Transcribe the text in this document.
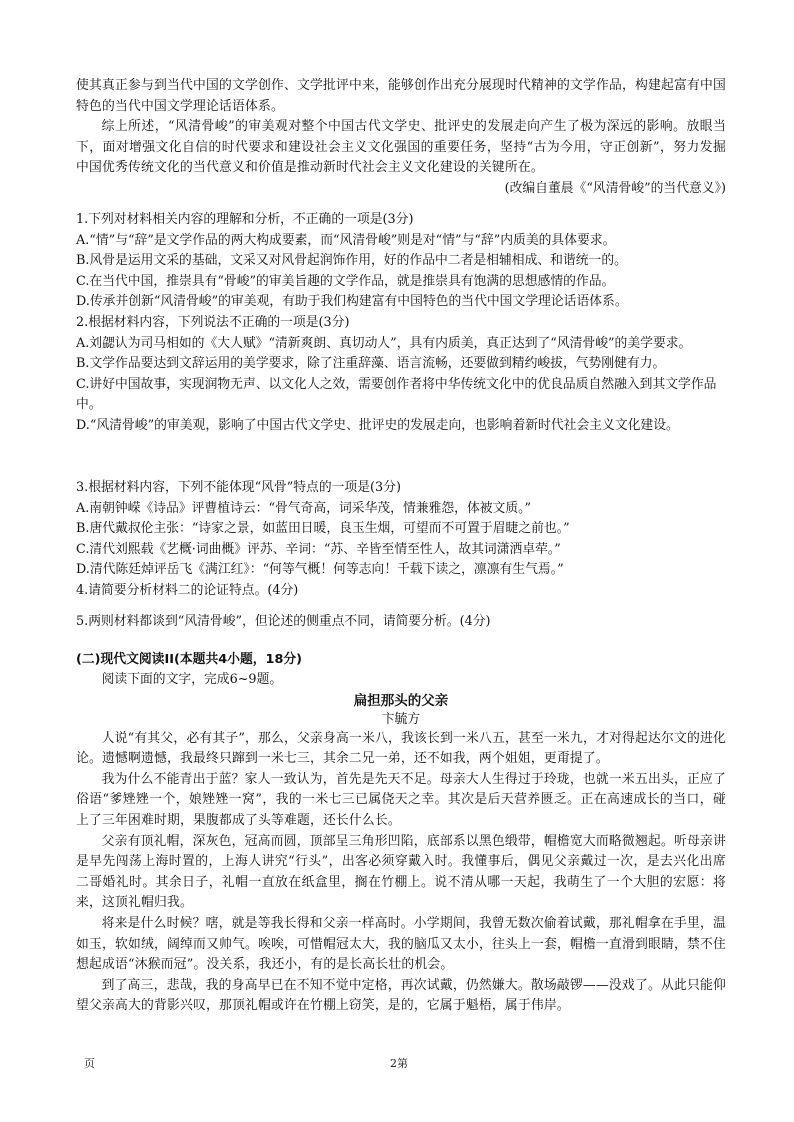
使其真正参与到当代中国的文学创作、文学批评中来，能够创作出充分展现时代精神的文学作品，构建起富有中国特色的当代中国文学理论话语体系。

综上所述，“风清骨峻”的审美观对整个中国古代文学史、批评史的发展走向产生了极为深远的影响。放眼当下，面对增强文化自信的时代要求和建设社会主义文化强国的重要任务，坚持“古为今用，守正创新”，努力发掘中国优秀传统文化的当代意义和价值是推动新时代社会主义文化建设的关键所在。

(改编自董晨《“风清骨峻”的当代意义》)

1.下列对材料相关内容的理解和分析，不正确的一项是(3分)

A.“情”与“辞”是文学作品的两大构成要素，而“风清骨峻”则是对“情”与“辞”内质美的具体要求。

B.风骨是运用文采的基础，文采又对风骨起润饰作用，好的作品中二者是相辅相成、和谐统一的。

C.在当代中国，推崇具有“骨峻”的审美旨趣的文学作品，就是推崇具有饱满的思想感情的作品。

D.传承并创新“风清骨峻”的审美观，有助于我们构建富有中国特色的当代中国文学理论话语体系。

2.根据材料内容，下列说法不正确的一项是(3分)

A.刘勰认为司马相如的《大人赋》“清新爽朗、真切动人”，具有内质美，真正达到了“风清骨峻”的美学要求。

B.文学作品要达到文辞运用的美学要求，除了注重辞藻、语言流畅，还要做到精约峻拔，气势刚健有力。

C.讲好中国故事，实现润物无声、以文化人之效，需要创作者将中华传统文化中的优良品质自然融入到其文学作品中。

D.“风清骨峻”的审美观，影响了中国古代文学史、批评史的发展走向，也影响着新时代社会主义文化建设。

3.根据材料内容，下列不能体现“风骨”特点的一项是(3分)

A.南朝钟嵘《诗品》评曹植诗云：“骨气奇高，词采华茂，情兼雅怨，体被文质。”

B.唐代戴叔伦主张：“诗家之景，如蓝田日暖，良玉生烟，可望而不可置于眉睫之前也。”

C.清代刘熙载《艺概·词曲概》评苏、辛词：“苏、辛皆至情至性人，故其词潇洒卓荦。”

D.清代陈廷焯评岳飞《满江红》：“何等气概！何等志向！千载下读之，凛凛有生气焉。”

4.请简要分析材料二的论证特点。(4分)

5.两则材料都谈到“风清骨峻”，但论述的侧重点不同，请简要分析。(4分)

(二)现代文阅读II(本题共4小题，18分)

阅读下面的文字，完成6~9题。

扁担那头的父亲

卞毓方

人说“有其父，必有其子”，那么，父亲身高一米八，我该长到一米八五，甚至一米九，才对得起达尔文的进化论。遗憾啊遗憾，我最终只蹿到一米七三，其余二兄一弟，还不如我，两个姐姐，更甭提了。

我为什么不能青出于蓝？家人一致认为，首先是先天不足。母亲大人生得过于玲珑，也就一米五出头，正应了俗语“爹矬矬一个，娘矬矬一窝”，我的一米七三已属侥天之幸。其次是后天营养匮乏。正在高速成长的当口，碰上了三年困难时期，果腹都成了头等难题，还长什么长。

父亲有顶礼帽，深灰色，冠高而圆，顶部呈三角形凹陷，底部系以黑色缎带，帽檐宽大而略微翘起。听母亲讲是早先闯荡上海时置的，上海人讲究“行头”，出客必须穿戴入时。我懂事后，偶见父亲戴过一次，是去兴化出席二哥婚礼时。其余日子，礼帽一直放在纸盒里，搁在竹棚上。说不清从哪一天起，我萌生了一个大胆的宏愿：将来，这顶礼帽归我。

将来是什么时候？嗐，就是等我长得和父亲一样高时。小学期间，我曾无数次偷着试戴，那礼帽拿在手里，温如玉，软如绒，阔绰而又帅气。唉唉，可惜帽冠太大，我的脑瓜又太小，往头上一套，帽檐一直滑到眼睛，禁不住想起成语“沐猴而冠”。没关系，我还小，有的是长高长壮的机会。

到了高三，悲哉，我的身高早已在不知不觉中定格，再次试戴，仍然嫌大。散场敲锣——没戏了。从此只能仰望父亲高大的背影兴叹，那顶礼帽或许在竹棚上窃笑，是的，它属于魁梧，属于伟岸。

页	2第
